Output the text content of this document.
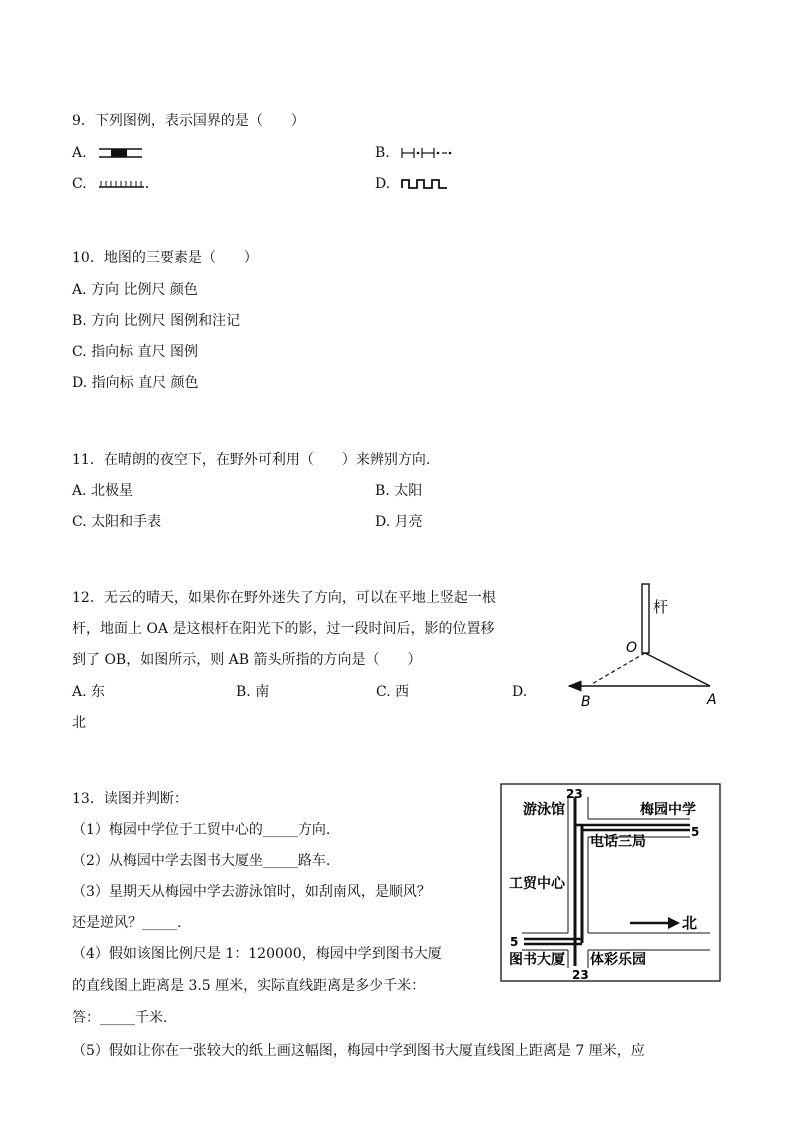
9．下列图例，表示国界的是（　　）
A.	B.
C.	D.
10．地图的三要素是（　　）
A. 方向 比例尺 颜色
B. 方向 比例尺 图例和注记
C. 指向标 直尺 图例
D. 指向标 直尺 颜色
11．在晴朗的夜空下，在野外可利用（　　）来辨别方向.
A. 北极星	B. 太阳
C. 太阳和手表	D. 月亮
12．无云的晴天，如果你在野外迷失了方向，可以在平地上竖起一根
杆，地面上 OA 是这根杆在阳光下的影，过一段时间后，影的位置移
到了 OB，如图所示，则 AB 箭头所指的方向是（　　）
A. 东	B. 南	C. 西	D.
北
杆
O
A
B
13．读图并判断：
（1）梅园中学位于工贸中心的_____方向.
（2）从梅园中学去图书大厦坐_____路车.
（3）星期天从梅园中学去游泳馆时，如刮南风，是顺风？
还是逆风？_____.
（4）假如该图比例尺是 1：120000，梅园中学到图书大厦
的直线图上距离是 3.5 厘米，实际直线距离是多少千米：
答：_____千米.
（5）假如让你在一张较大的纸上画这幅图，梅园中学到图书大厦直线图上距离是 7 厘米，应
23
23
5
5
游泳馆	梅园中学
电话三局
工贸中心
图书大厦 体彩乐园
北
